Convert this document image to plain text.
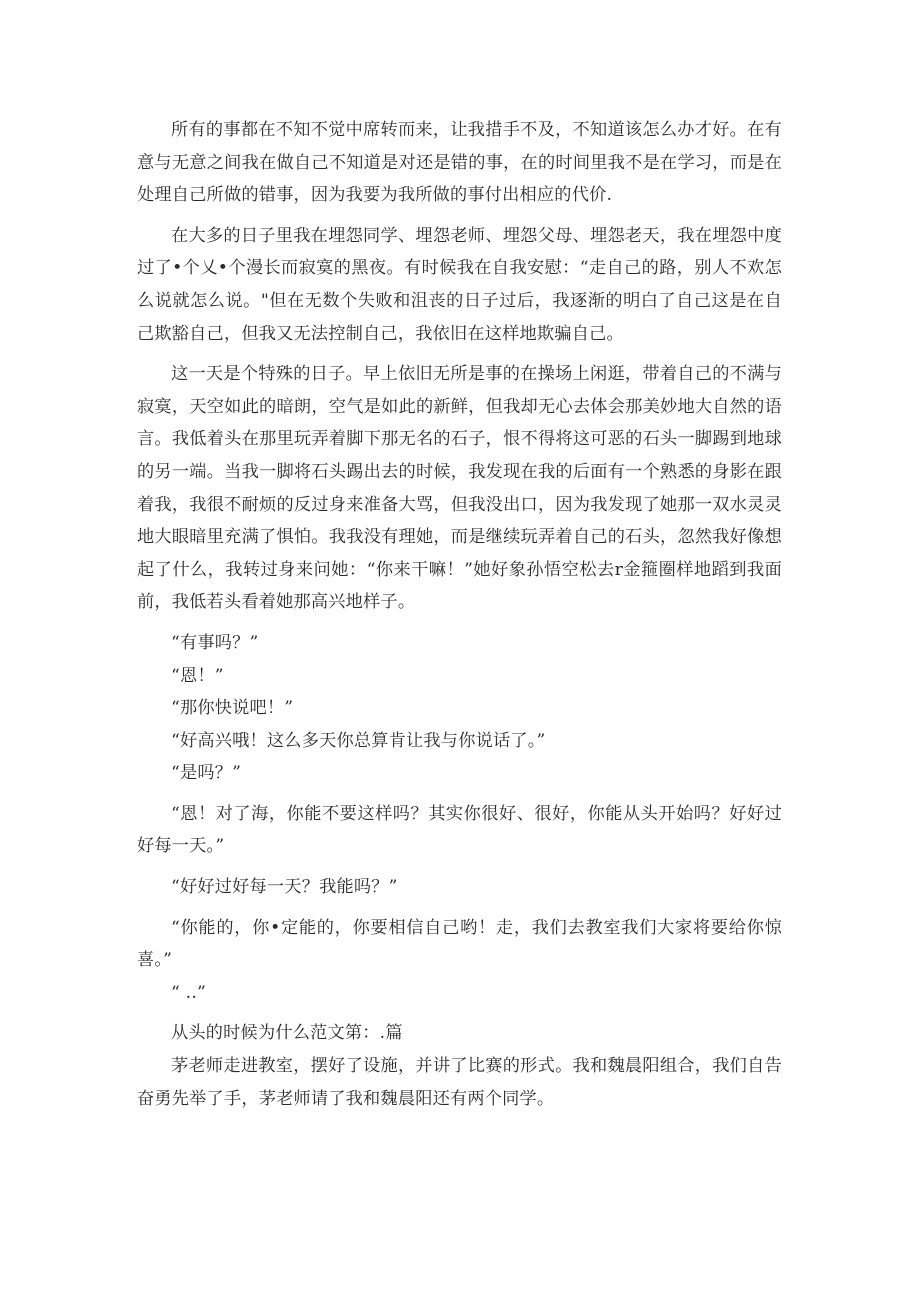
所有的事都在不知不觉中席转而来，让我措手不及，不知道该怎么办才好。在有意与无意之间我在做自己不知道是对还是错的事，在的时间里我不是在学习，而是在处理自己所做的错事，因为我要为我所做的事付出相应的代价.

在大多的日子里我在埋怨同学、埋怨老师、埋怨父母、埋怨老天，我在埋怨中度过了•个乂•个漫长而寂寞的黑夜。有时候我在自我安慰：“走自己的路，别人不欢怎么说就怎么说。"但在无数个失败和沮丧的日子过后，我逐渐的明白了自己这是在自己欺豁自己，但我又无法控制自己，我依旧在这样地欺骗自己。

这一天是个特殊的日子。早上依旧无所是事的在操场上闲逛，带着自己的不满与寂寞，天空如此的暗朗，空气是如此的新鲜，但我却无心去体会那美妙地大自然的语言。我低着头在那里玩弄着脚下那无名的石子，恨不得将这可恶的石头一脚踢到地球的另一端。当我一脚将石头踢出去的时候，我发现在我的后面有一个熟悉的身影在跟着我，我很不耐烦的反过身来准备大骂，但我没出口，因为我发现了她那一双水灵灵地大眼暗里充满了惧怕。我我没有理她，而是继续玩弄着自己的石头，忽然我好像想起了什么，我转过身来问她：“你来干嘛！”她好象孙悟空松去r金箍圈样地蹈到我面前，我低若头看着她那高兴地样子。

“有事吗？”

“恩！”

“那你快说吧！”

“好高兴哦！这么多天你总算肯让我与你说话了。”

“是吗？”

“恩！对了海，你能不要这样吗？其实你很好、很好，你能从头开始吗？好好过好每一天。”

“好好过好每一天？我能吗？”

“你能的，你•定能的，你要相信自己哟！走，我们去教室我们大家将要给你惊喜。”

“ ..”

从头的时候为什么范文第：.篇

茅老师走进教室，摆好了设施，并讲了比赛的形式。我和魏晨阳组合，我们自告奋勇先举了手，茅老师请了我和魏晨阳还有两个同学。
